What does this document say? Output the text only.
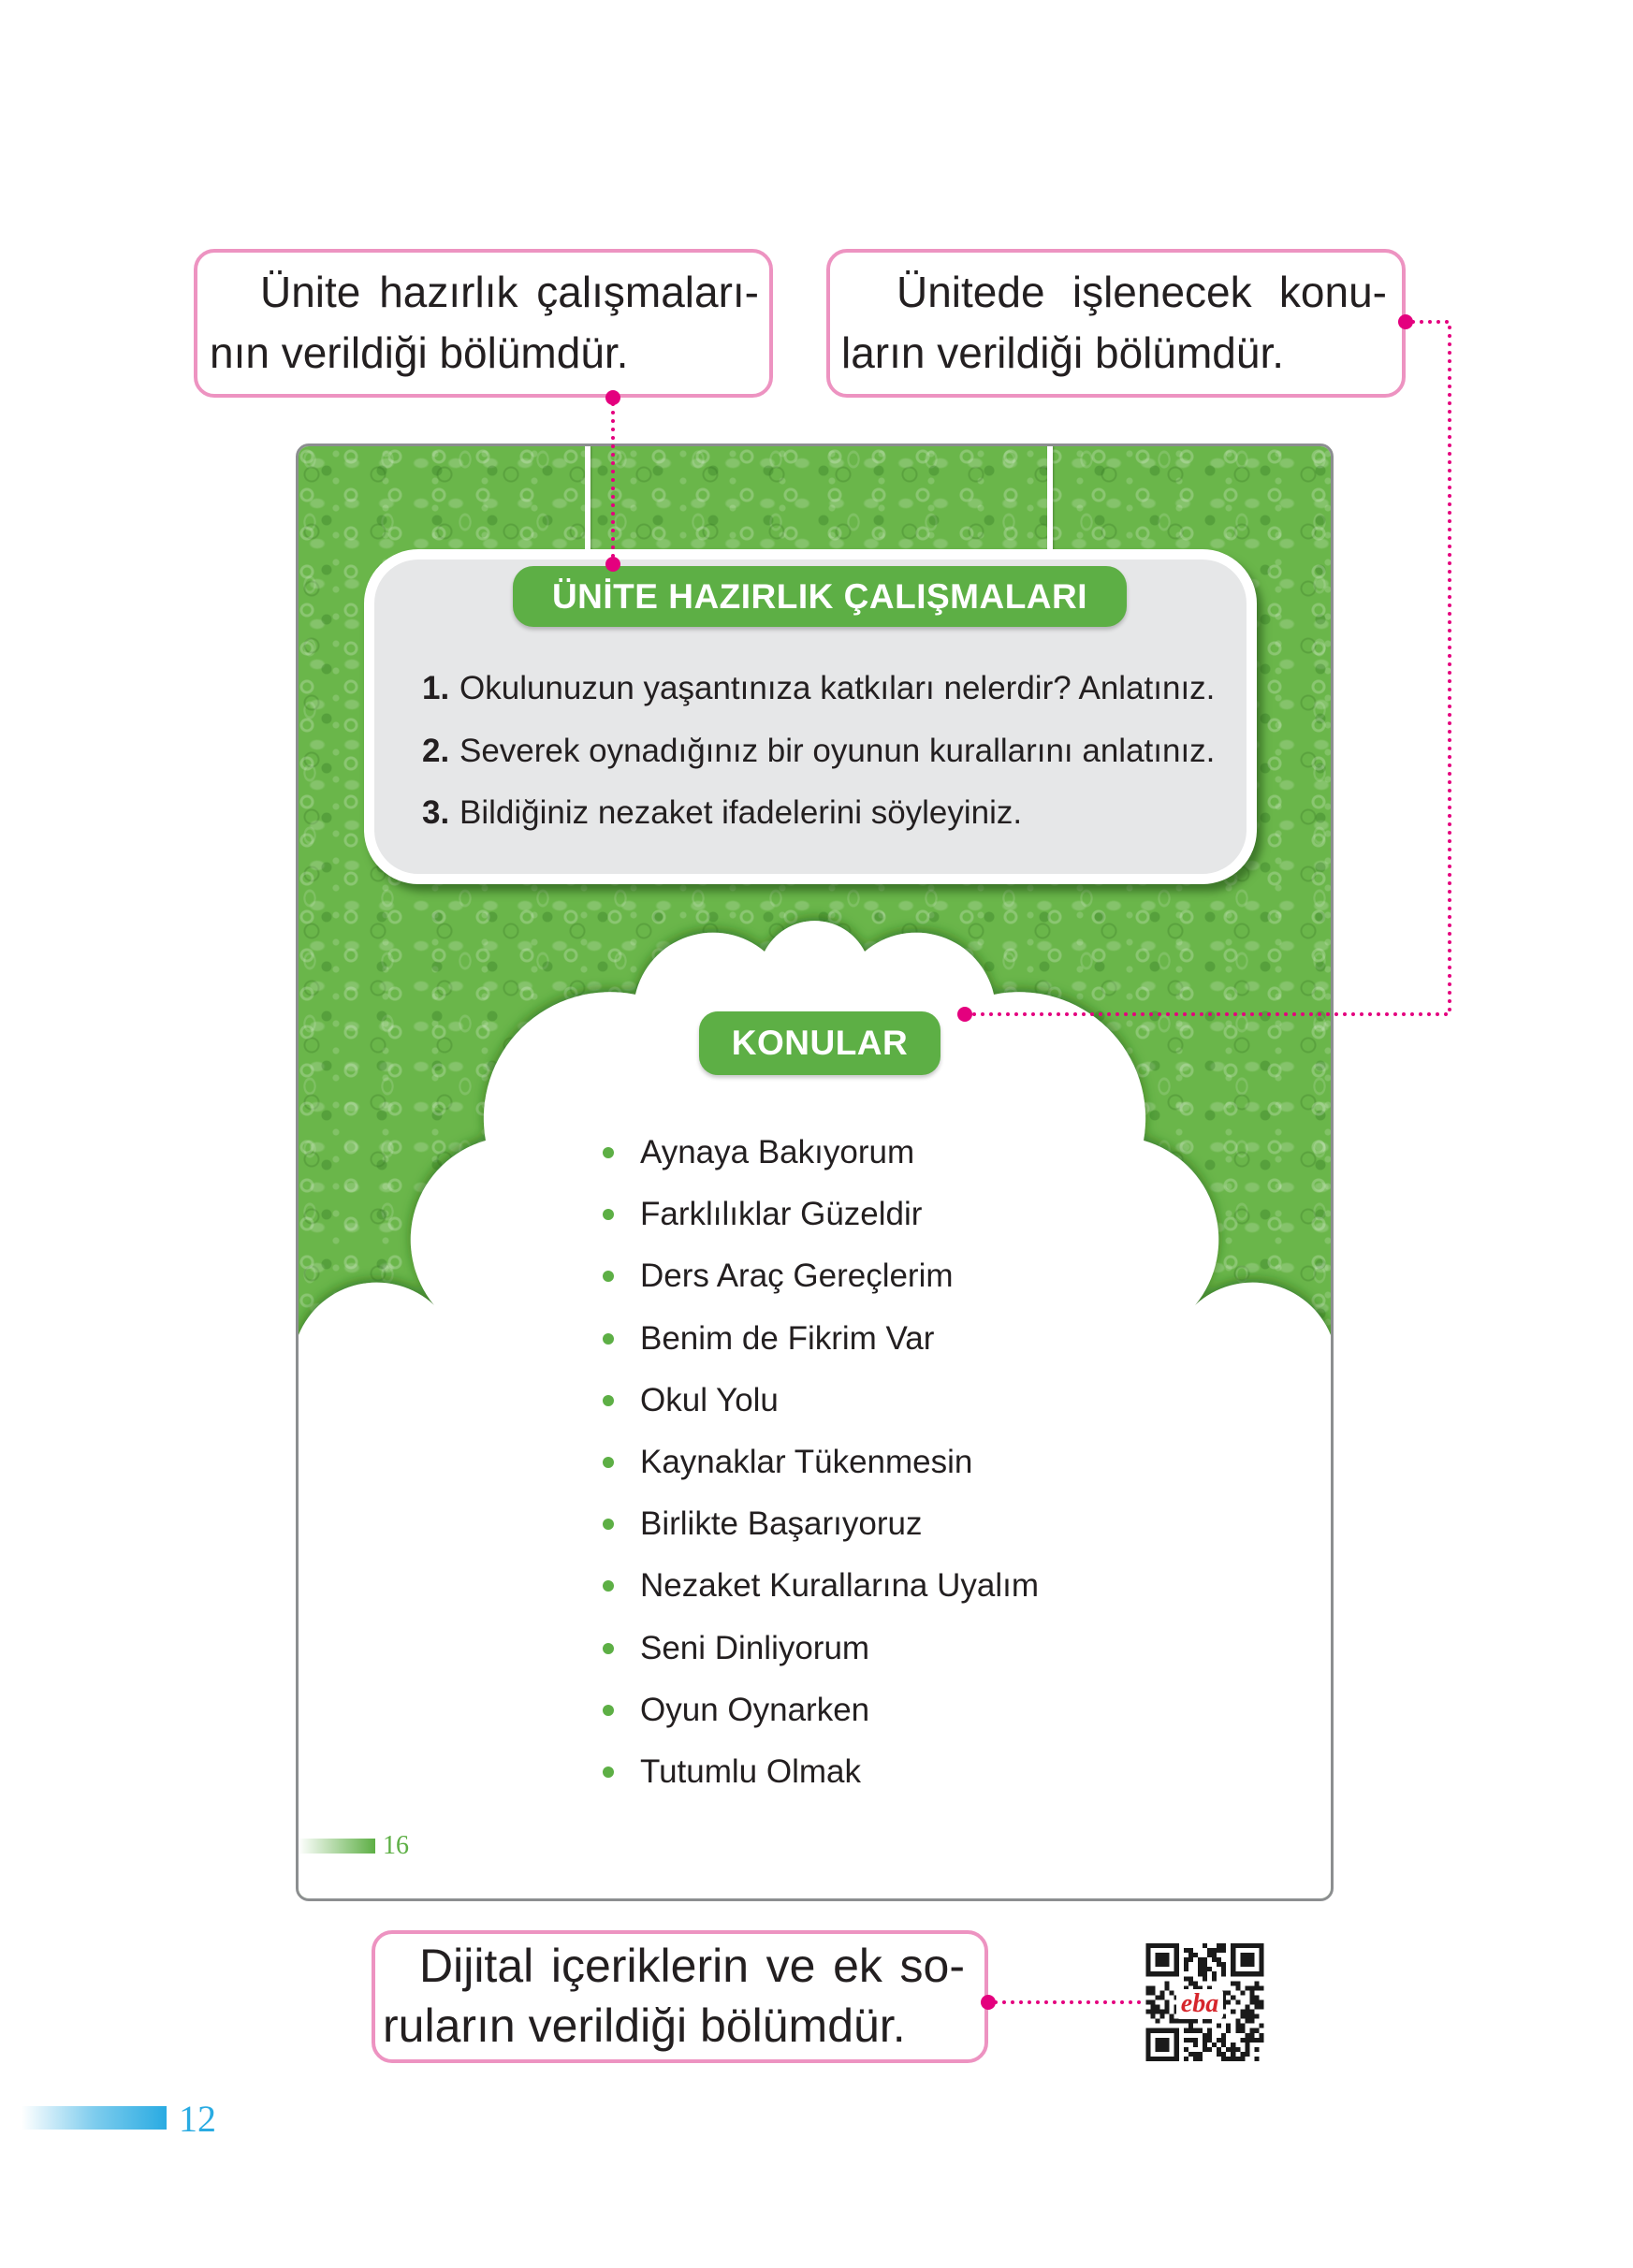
Ünite hazırlık çalışmaları-
nın verildiği bölümdür.
Ünitede işlenecek konu-
ların verildiği bölümdür.
ÜNİTE HAZIRLIK ÇALIŞMALARI
1. Okulunuzun yaşantınıza katkıları nelerdir? Anlatınız.
2. Severek oynadığınız bir oyunun kurallarını anlatınız.
3. Bildiğiniz nezaket ifadelerini söyleyiniz.
KONULAR
Aynaya Bakıyorum
Farklılıklar Güzeldir
Ders Araç Gereçlerim
Benim de Fikrim Var
Okul Yolu
Kaynaklar Tükenmesin
Birlikte Başarıyoruz
Nezaket Kurallarına Uyalım
Seni Dinliyorum
Oyun Oynarken
Tutumlu Olmak
16
Dijital içeriklerin ve ek so-
ruların verildiği bölümdür.	eba
12
